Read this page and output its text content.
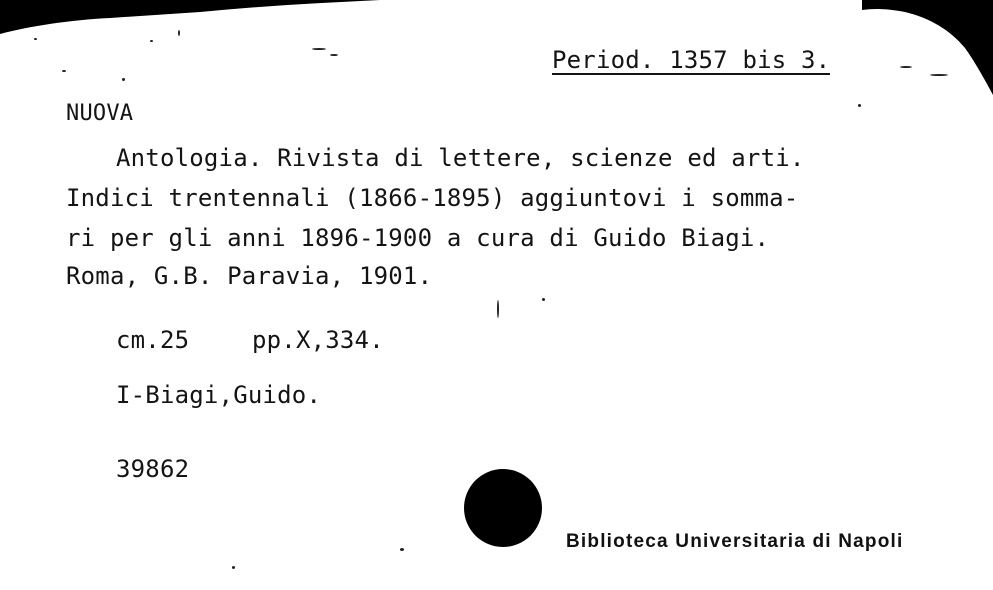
Period. 1357 bis 3.
NUOVA
Antologia. Rivista di lettere, scienze ed arti.
Indici trentennali (1866-1895) aggiuntovi i somma-
ri per gli anni 1896-1900 a cura di Guido Biagi.
Roma, G.B. Paravia, 1901.
cm.25	pp.X,334.
I-Biagi,Guido.
39862
Biblioteca Universitaria di Napoli
